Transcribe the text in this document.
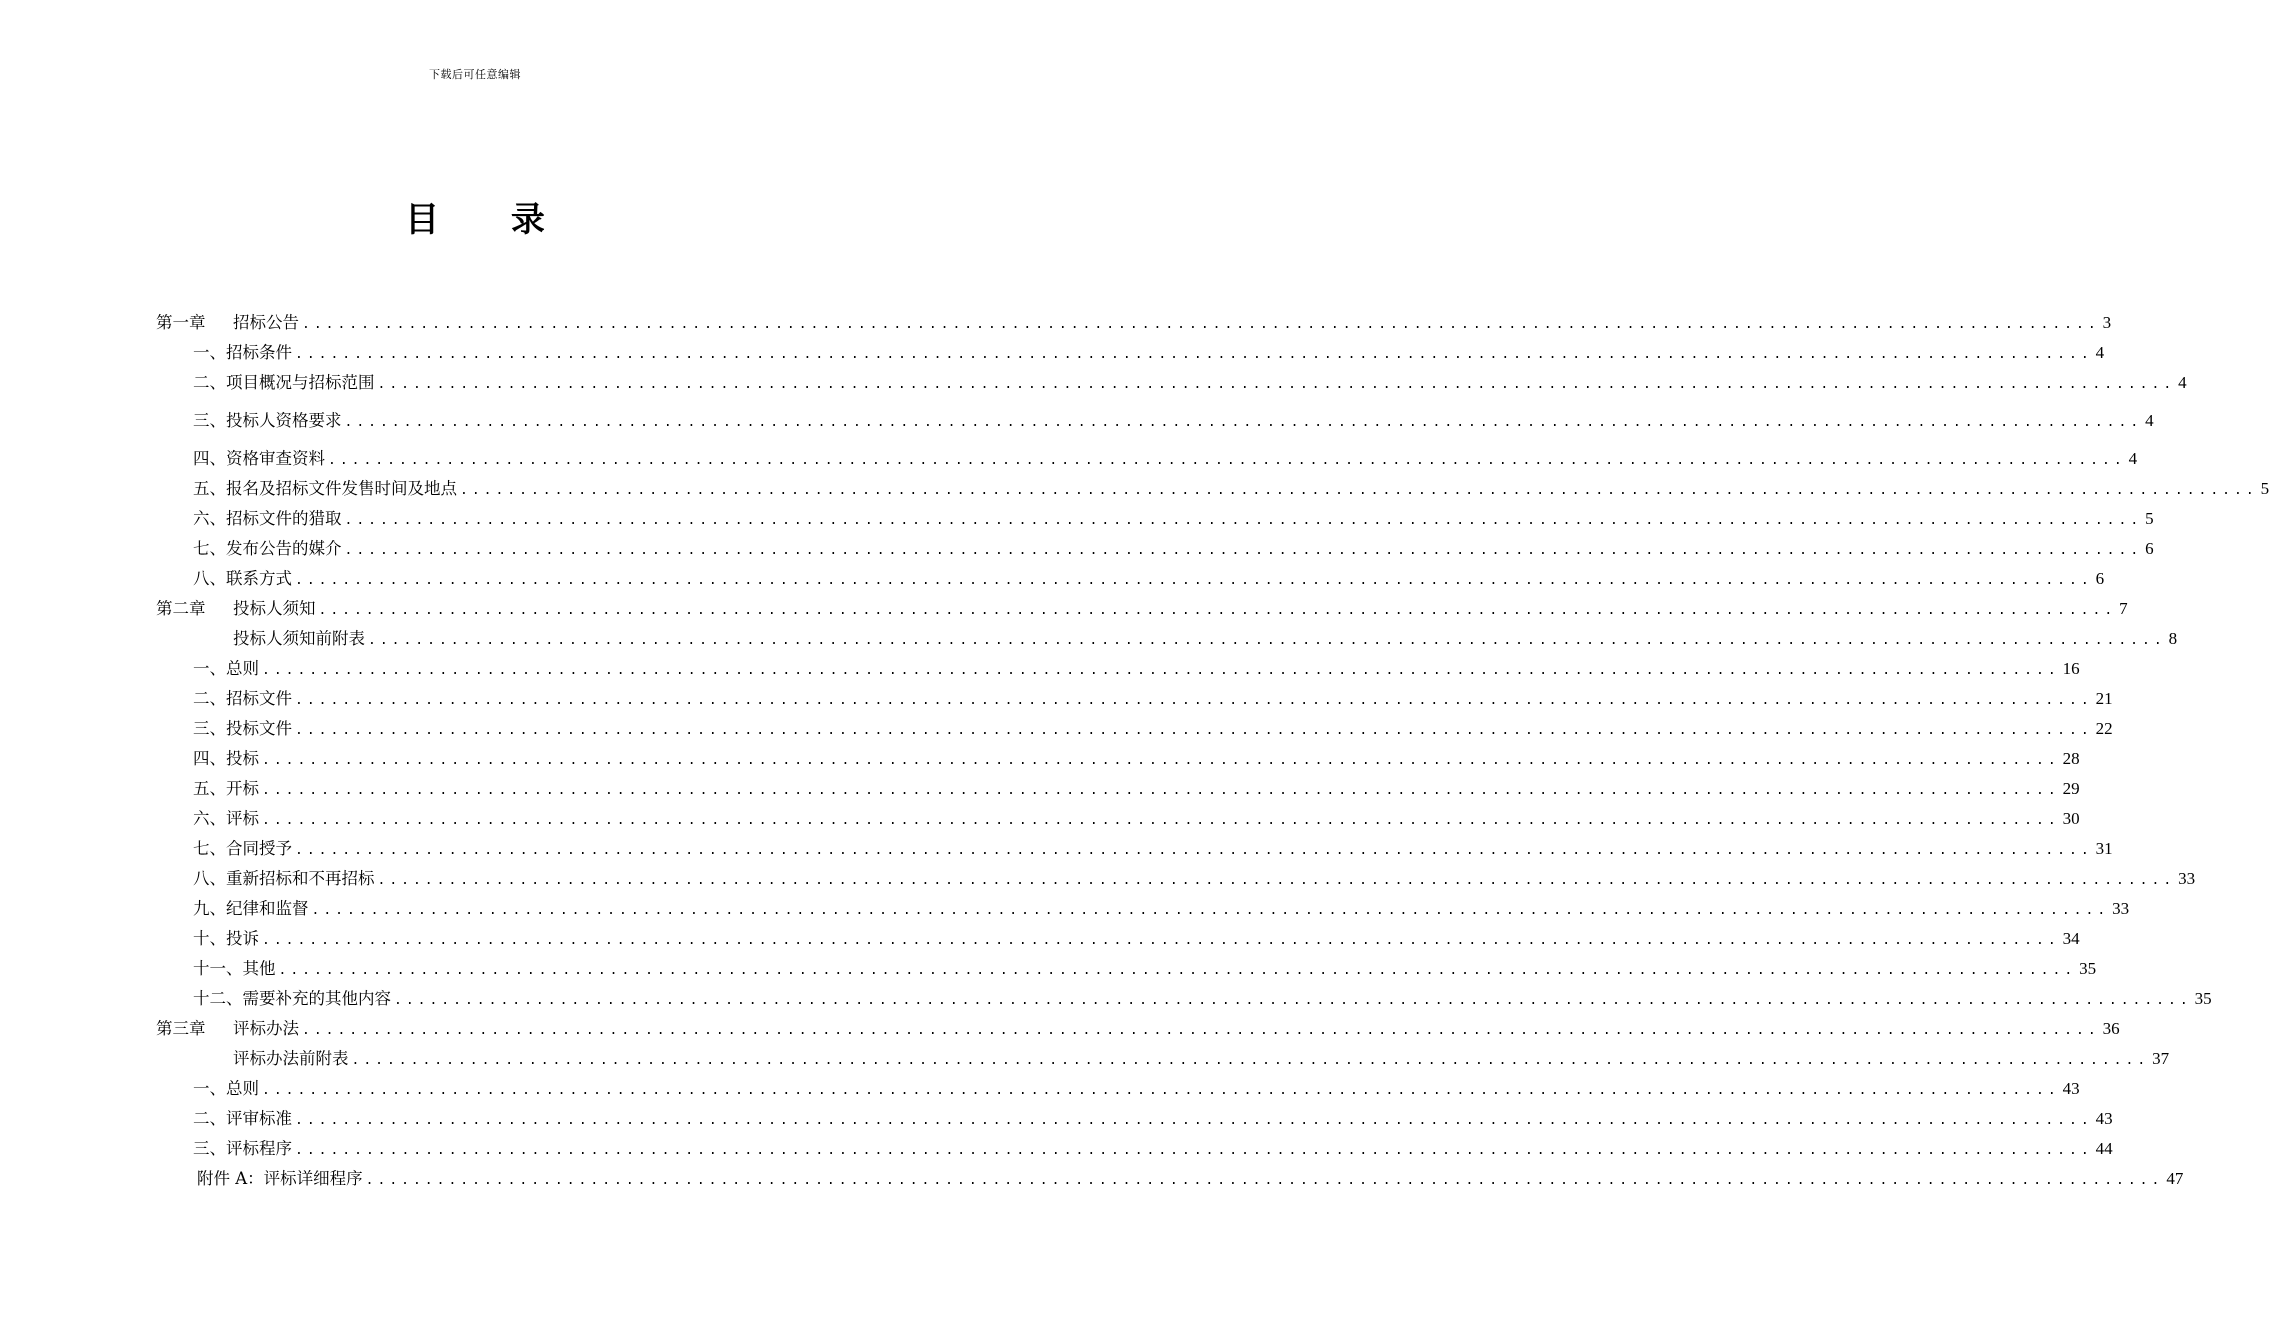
下载后可任意编辑
目 录
第一章	招标公告 ........................................................................................................................................................ 3
一、招标条件 ........................................................................................................................................................ 4
二、项目概况与招标范围 ........................................................................................................................................................ 4
三、投标人资格要求 ........................................................................................................................................................ 4
四、资格审查资料 ........................................................................................................................................................ 4
五、报名及招标文件发售时间及地点 ........................................................................................................................................................ 5
六、招标文件的猎取 ........................................................................................................................................................ 5
七、发布公告的媒介 ........................................................................................................................................................ 6
八、联系方式 ........................................................................................................................................................ 6
第二章	投标人须知 ........................................................................................................................................................ 7
投标人须知前附表 ........................................................................................................................................................ 8
一、总则 ........................................................................................................................................................ 16
二、招标文件 ........................................................................................................................................................ 21
三、投标文件 ........................................................................................................................................................ 22
四、投标 ........................................................................................................................................................ 28
五、开标 ........................................................................................................................................................ 29
六、评标 ........................................................................................................................................................ 30
七、合同授予 ........................................................................................................................................................ 31
八、重新招标和不再招标 ........................................................................................................................................................ 33
九、纪律和监督 ........................................................................................................................................................ 33
十、投诉 ........................................................................................................................................................ 34
十一、其他 ........................................................................................................................................................ 35
十二、需要补充的其他内容 ........................................................................................................................................................ 35
第三章	评标办法 ........................................................................................................................................................ 36
评标办法前附表 ........................................................................................................................................................ 37
一、总则 ........................................................................................................................................................ 43
二、评审标准 ........................................................................................................................................................ 43
三、评标程序 ........................................................................................................................................................ 44
附件 A：评标详细程序 ........................................................................................................................................................ 47
